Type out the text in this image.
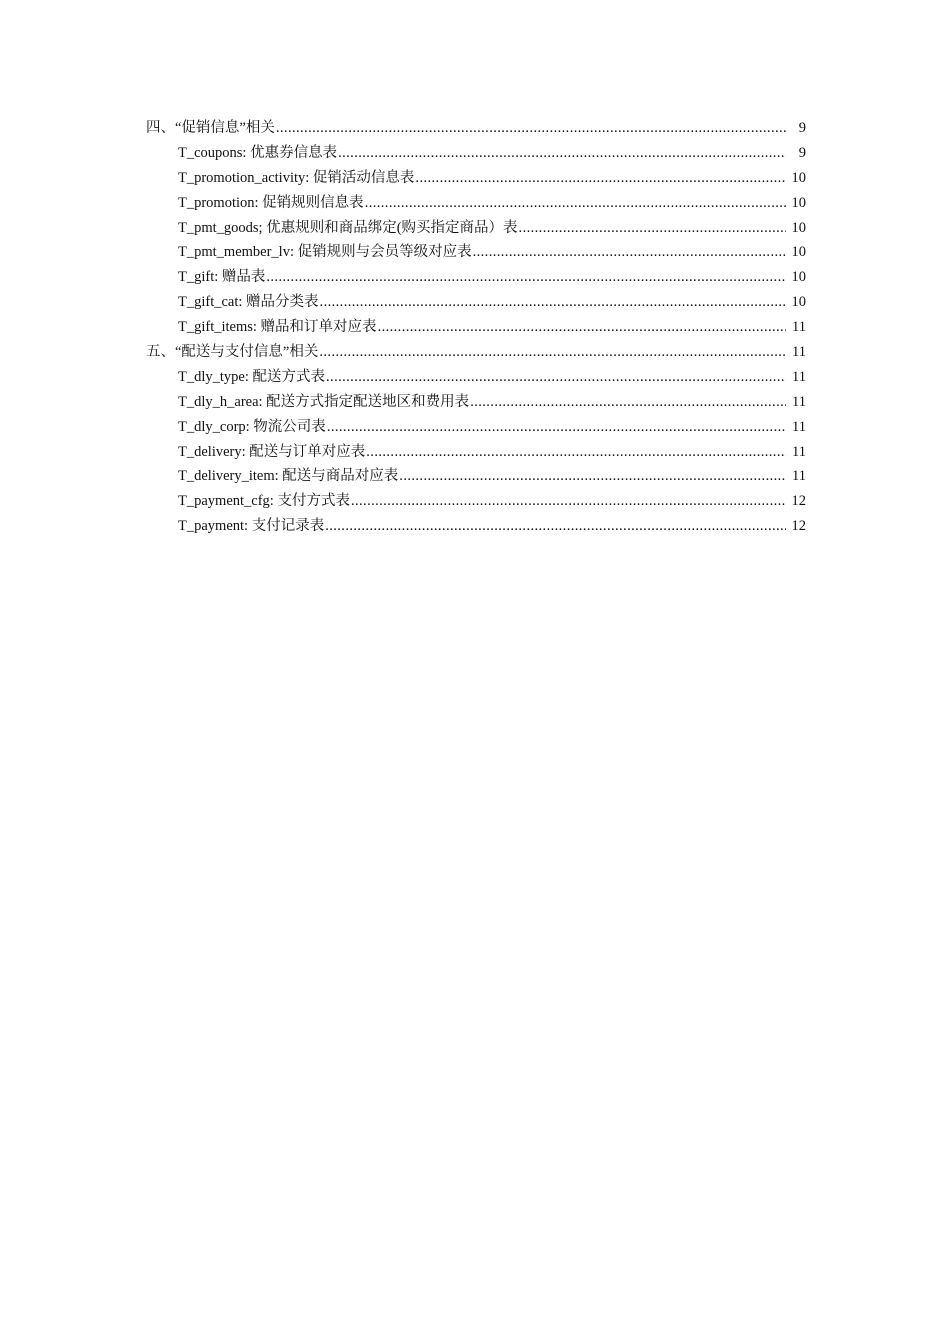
四、“促销信息”相关 .....	9
T_coupons: 优惠券信息表 .....	9
T_promotion_activity: 促销活动信息表 .....	10
T_promotion: 促销规则信息表 .....	10
T_pmt_goods; 优惠规则和商品绑定(购买指定商品）表 .....	10
T_pmt_member_lv: 促销规则与会员等级对应表 .....	10
T_gift: 赠品表 .....	10
T_gift_cat: 赠品分类表 .....	10
T_gift_items: 赠品和订单对应表 .....	11
五、“配送与支付信息”相关 .....	11
T_dly_type: 配送方式表 .....	11
T_dly_h_area: 配送方式指定配送地区和费用表 .....	11
T_dly_corp: 物流公司表 .....	11
T_delivery: 配送与订单对应表 .....	11
T_delivery_item: 配送与商品对应表 .....	11
T_payment_cfg: 支付方式表 .....	12
T_payment: 支付记录表 .....	12
